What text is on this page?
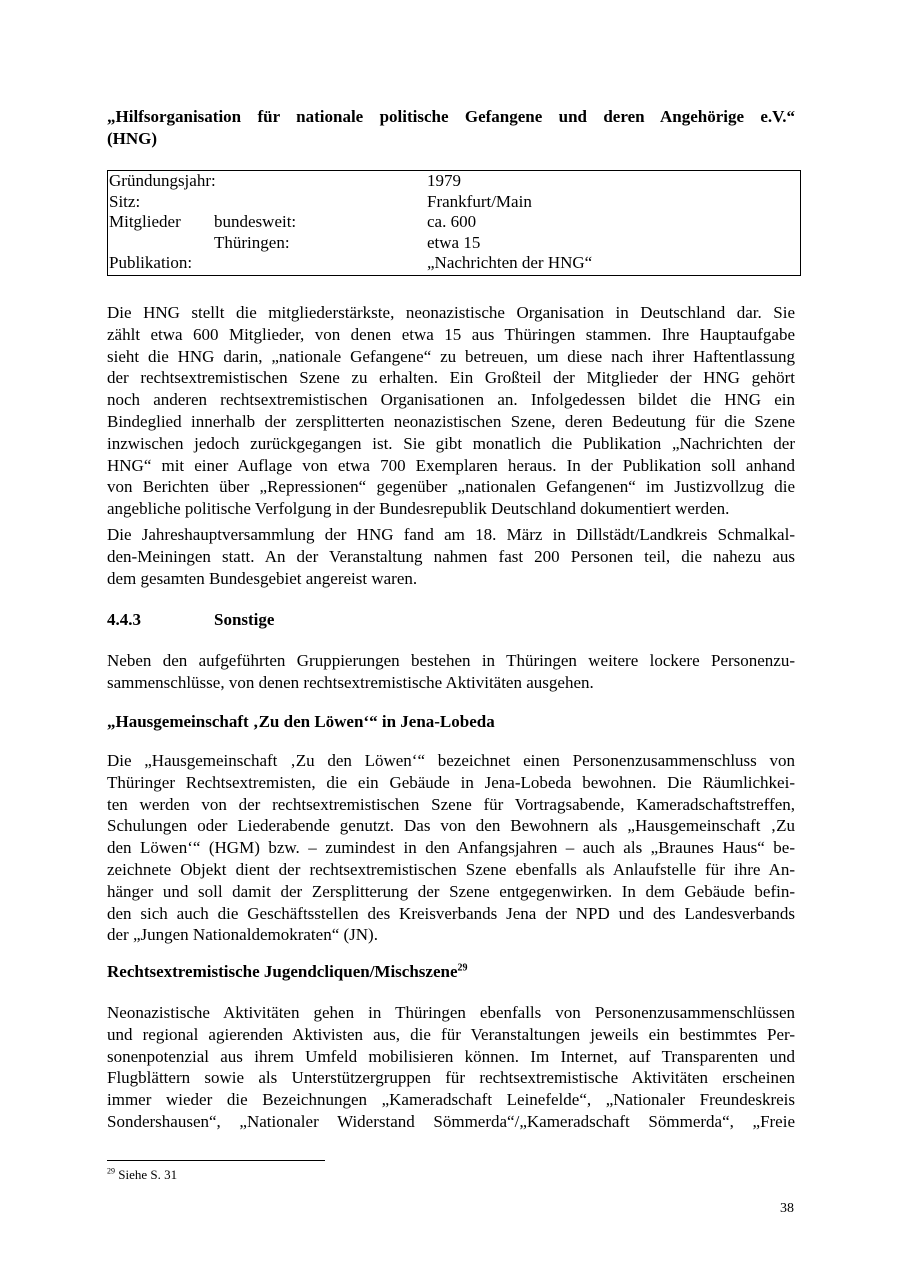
„Hilfsorganisation für nationale politische Gefangene und deren Angehörige e.V.“
(HNG)
Gründungsjahr:	1979
Sitz:	Frankfurt/Main
Mitglieder bundesweit:	ca. 600
Thüringen:	etwa 15
Publikation:	„Nachrichten der HNG“
Die HNG stellt die mitgliederstärkste, neonazistische Organisation in Deutschland dar. Sie
zählt etwa 600 Mitglieder, von denen etwa 15 aus Thüringen stammen. Ihre Hauptaufgabe
sieht die HNG darin, „nationale Gefangene“ zu betreuen, um diese nach ihrer Haftentlassung
der rechtsextremistischen Szene zu erhalten. Ein Großteil der Mitglieder der HNG gehört
noch anderen rechtsextremistischen Organisationen an. Infolgedessen bildet die HNG ein
Bindeglied innerhalb der zersplitterten neonazistischen Szene, deren Bedeutung für die Szene
inzwischen jedoch zurückgegangen ist. Sie gibt monatlich die Publikation „Nachrichten der
HNG“ mit einer Auflage von etwa 700 Exemplaren heraus. In der Publikation soll anhand
von Berichten über „Repressionen“ gegenüber „nationalen Gefangenen“ im Justizvollzug die
angebliche politische Verfolgung in der Bundesrepublik Deutschland dokumentiert werden.
Die Jahreshauptversammlung der HNG fand am 18. März in Dillstädt/Landkreis Schmalkal-
den-Meiningen statt. An der Veranstaltung nahmen fast 200 Personen teil, die nahezu aus
dem gesamten Bundesgebiet angereist waren.
4.4.3	Sonstige
Neben den aufgeführten Gruppierungen bestehen in Thüringen weitere lockere Personenzu-
sammenschlüsse, von denen rechtsextremistische Aktivitäten ausgehen.
„Hausgemeinschaft ‚Zu den Löwen‘“ in Jena-Lobeda
Die „Hausgemeinschaft ‚Zu den Löwen‘“ bezeichnet einen Personenzusammenschluss von
Thüringer Rechtsextremisten, die ein Gebäude in Jena-Lobeda bewohnen. Die Räumlichkei-
ten werden von der rechtsextremistischen Szene für Vortragsabende, Kameradschaftstreffen,
Schulungen oder Liederabende genutzt. Das von den Bewohnern als „Hausgemeinschaft ‚Zu
den Löwen‘“ (HGM) bzw. – zumindest in den Anfangsjahren – auch als „Braunes Haus“ be-
zeichnete Objekt dient der rechtsextremistischen Szene ebenfalls als Anlaufstelle für ihre An-
hänger und soll damit der Zersplitterung der Szene entgegenwirken. In dem Gebäude befin-
den sich auch die Geschäftsstellen des Kreisverbands Jena der NPD und des Landesverbands
der „Jungen Nationaldemokraten“ (JN).
Rechtsextremistische Jugendcliquen/Mischszene$^{29}$
Neonazistische Aktivitäten gehen in Thüringen ebenfalls von Personenzusammenschlüssen
und regional agierenden Aktivisten aus, die für Veranstaltungen jeweils ein bestimmtes Per-
sonenpotenzial aus ihrem Umfeld mobilisieren können. Im Internet, auf Transparenten und
Flugblättern sowie als Unterstützergruppen für rechtsextremistische Aktivitäten erscheinen
immer wieder die Bezeichnungen „Kameradschaft Leinefelde“, „Nationaler Freundeskreis
Sondershausen“, „Nationaler Widerstand Sömmerda“/„Kameradschaft Sömmerda“, „Freie
$^{29}$ Siehe S. 31
38
